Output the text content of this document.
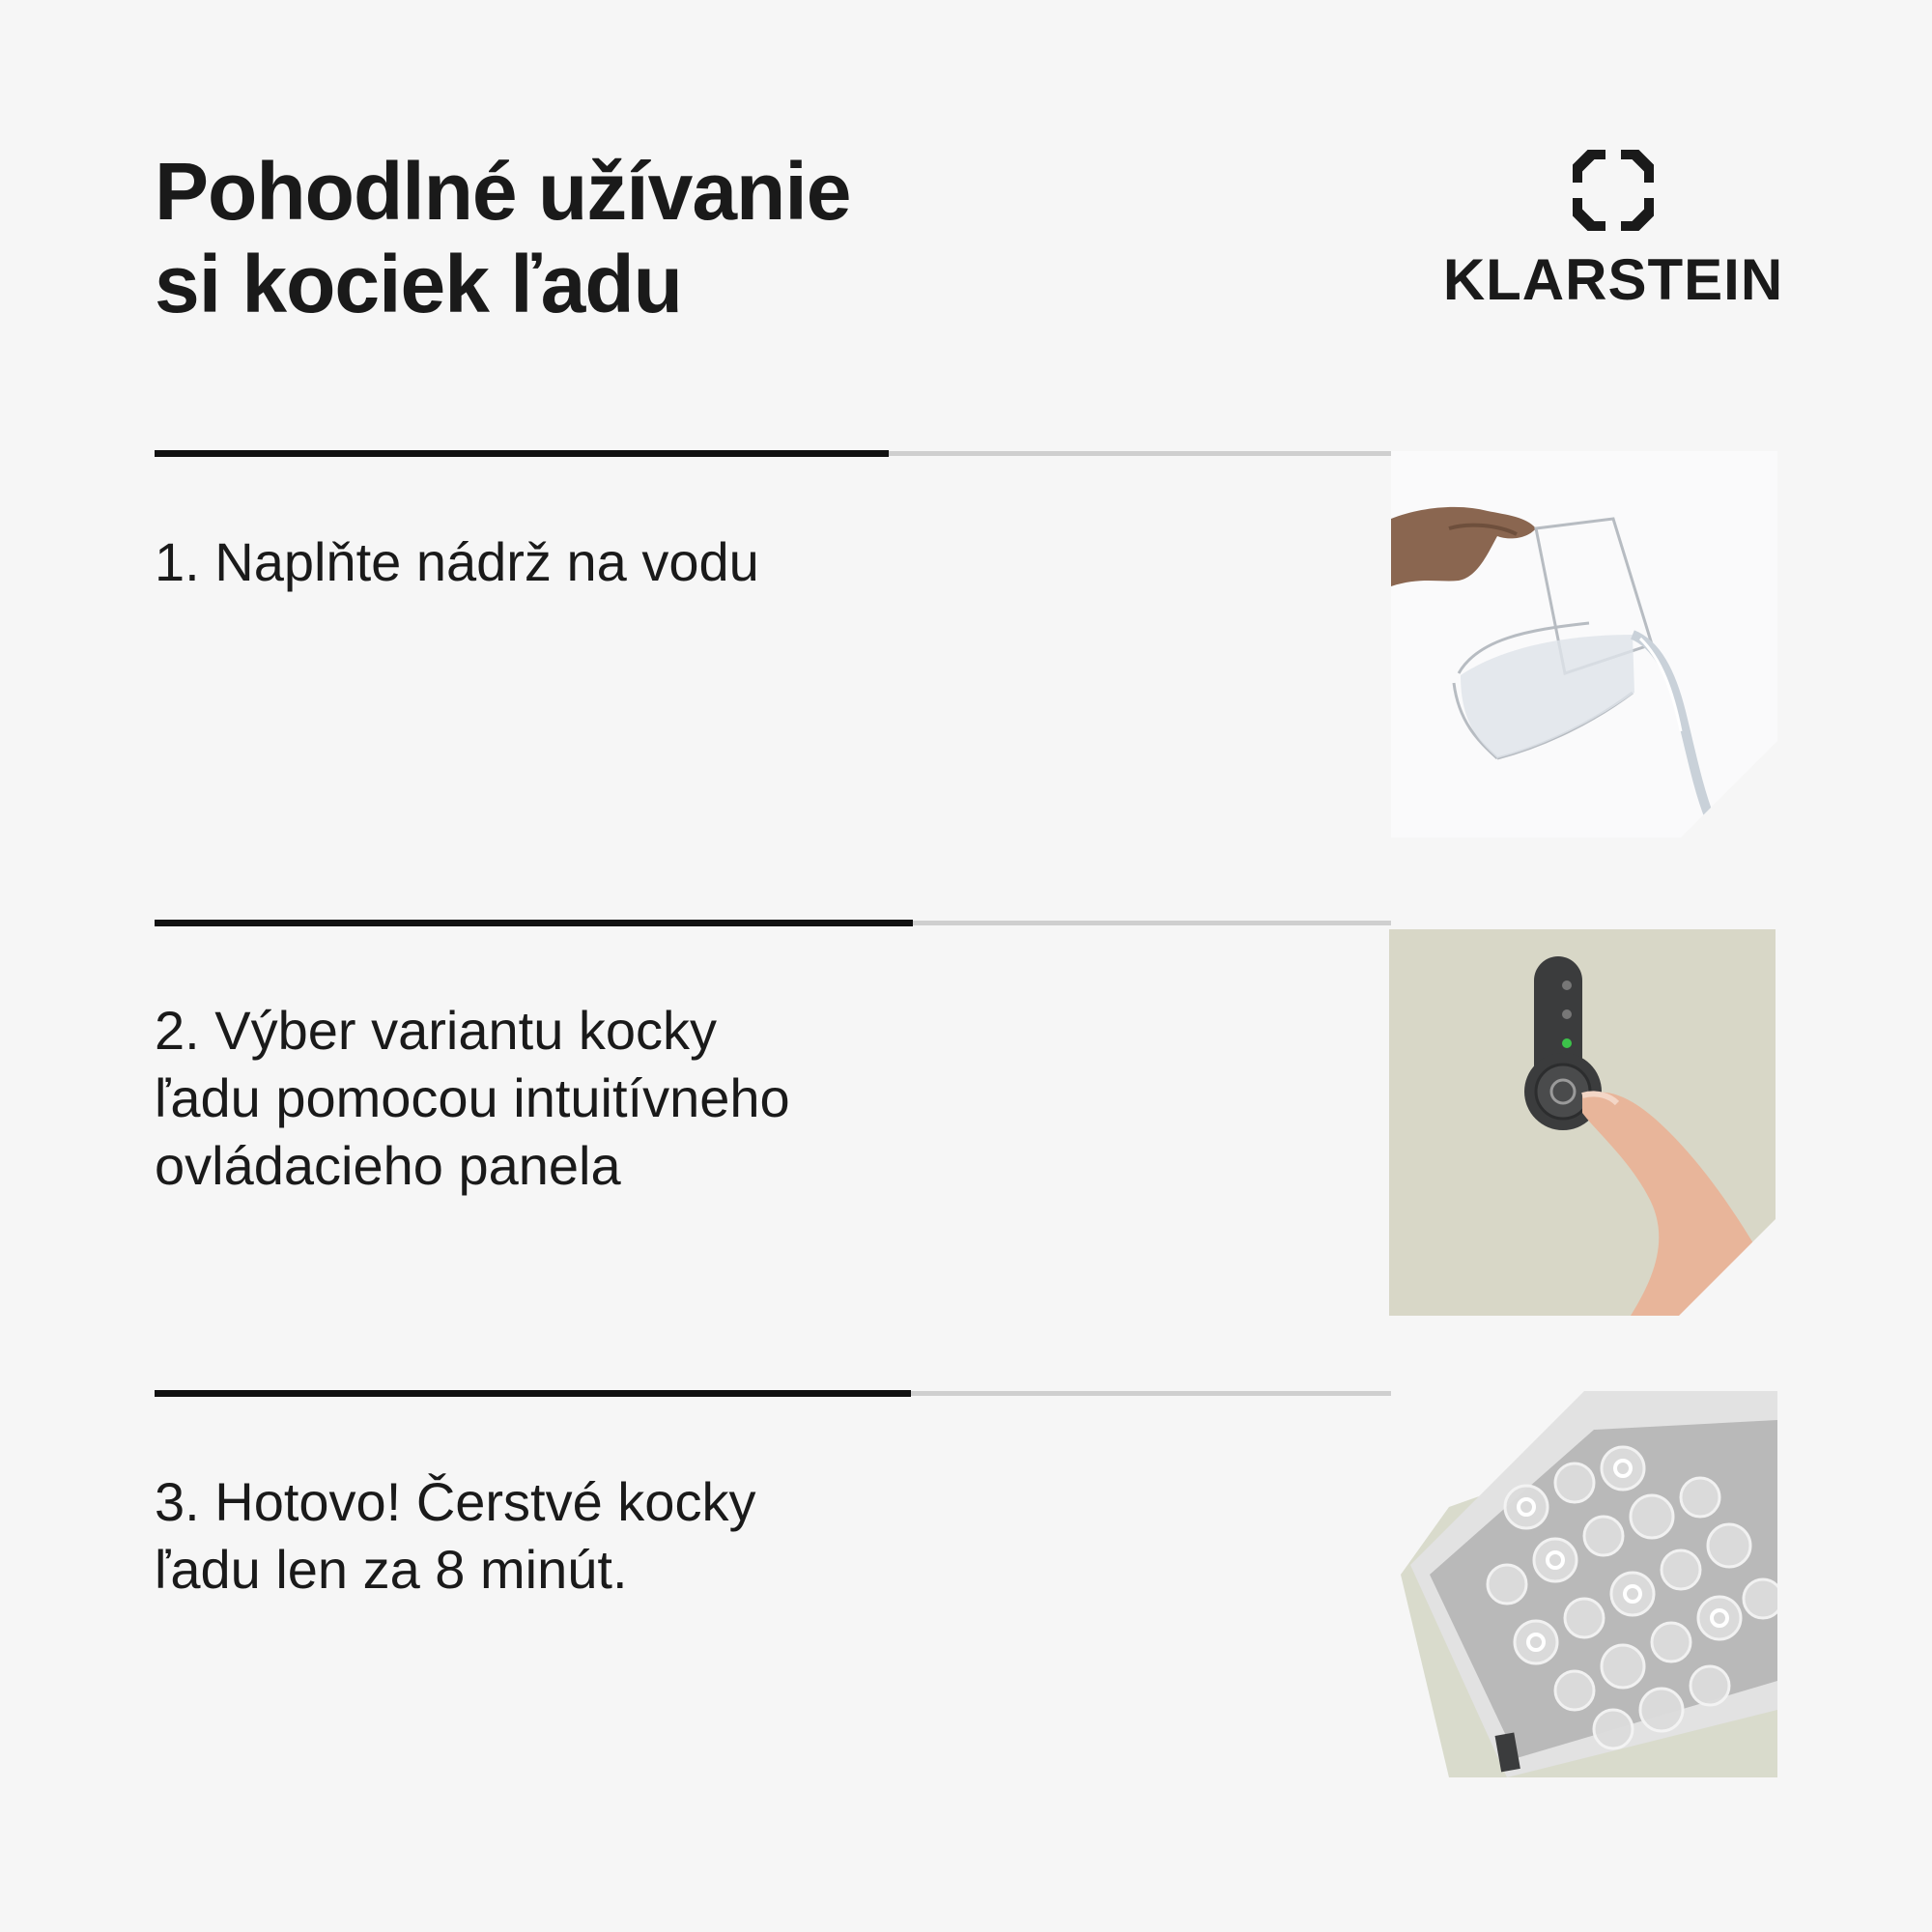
Pohodlné užívanie
si kociek ľadu	KLARSTEIN

1. Naplňte nádrž na vodu

2. Výber variantu kocky
ľadu pomocou intuitívneho
ovládacieho panela

3. Hotovo! Čerstvé kocky
ľadu len za 8 minút.
